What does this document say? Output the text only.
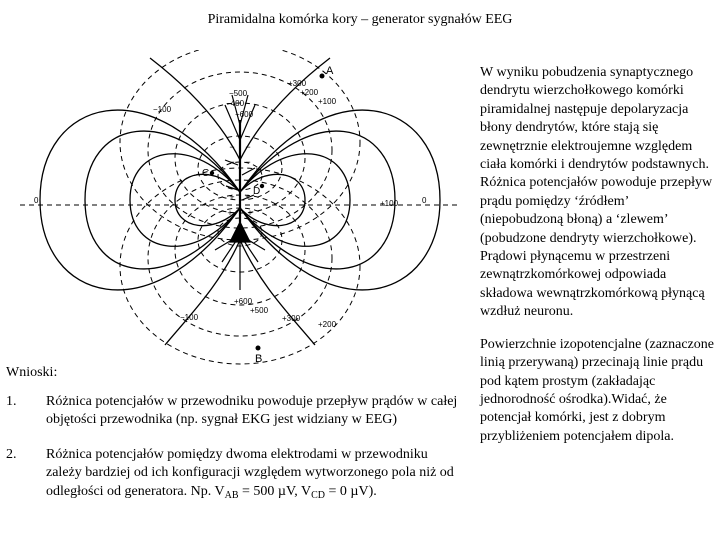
Piramidalna komórka kory – generator sygnałów EEG
− −
− −
+ +
+ +
A
B
C
D
+300
+200
+100
−500
−400
−600
−100
0	0
+100
+600
+500
+300
+200
−100

W wyniku pobudzenia synaptycznego dendrytu wierzchołkowego komórki piramidalnej następuje depolaryzacja błony dendrytów, które stają się zewnętrznie elektroujemne względem ciała komórki i dendrytów podstawnych. Różnica potencjałów powoduje przepływ prądu pomiędzy ‘źródłem’ (niepobudzoną błoną) a ‘zlewem’ (pobudzone dendryty wierzchołkowe). Prądowi płynącemu w przestrzeni zewnątrzkomórkowej odpowiada składowa wewnątrzkomórkową płynącą wzdłuż neuronu.

Powierzchnie izopotencjalne (zaznaczone linią przerywaną) przecinają linie prądu pod kątem prostym (zakładając jednorodność ośrodka).Widać, że potencjał komórki, jest z dobrym przybliżeniem potencjałem dipola.

Wnioski:
1.	Różnica potencjałów w przewodniku powoduje przepływ prądów w całej objętości przewodnika (np. sygnał EKG jest widziany w EEG)
2.	Różnica potencjałów pomiędzy dwoma elektrodami w przewodniku zależy bardziej od ich konfiguracji względem wytworzonego pola niż od odległości od generatora. Np. $V_{AB} = 500$ µV, $V_{CD} = 0$ µV).
